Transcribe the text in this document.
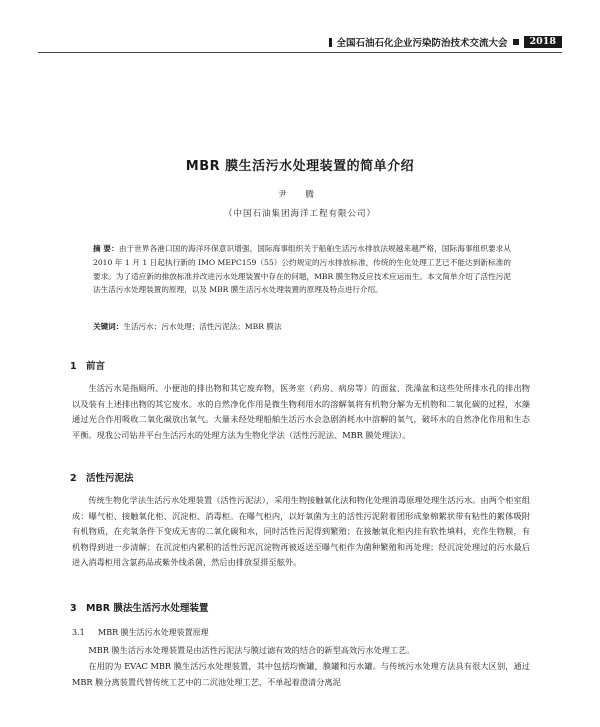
全国石油石化企业污染防治技术交流大会	2018
MBR 膜生活污水处理装置的简单介绍
尹 腾
（中国石油集团海洋工程有限公司）
摘 要：由于世界各港口国的海洋环保意识增强，国际海事组织关于船舶生活污水排放法规越来越严格，国际海事组织要求从 2010 年 1 月 1 日起执行新的 IMO MEPC159（55）公约规定的污水排放标准，传统的生化处理工艺已不能达到新标准的要求。为了适应新的排放标准并改进污水处理装置中存在的问题，MBR 膜生物反应技术应运而生。本文简单介绍了活性污泥法生活污水处理装置的原理，以及 MBR 膜生活污水处理装置的原理及特点进行介绍。
关键词：生活污水；污水处理；活性污泥法；MBR 膜法
1 前言

生活污水是指厕所、小便池的排出物和其它废弃物，医务室（药房、病房等）的面盆、洗澡盆和这些处所排水孔的排出物以及装有上述排出物的其它废水。水的自然净化作用是微生物利用水的溶解氧将有机物分解为无机物和二氧化碳的过程，水藻通过光合作用吸收二氧化碳放出氧气。大量未经处理船舶生活污水会急剧消耗水中溶解的氧气，破坏水的自然净化作用和生态平衡。现我公司钻井平台生活污水的处理方法为生物化学法（活性污泥法、MBR 膜处理法）。

2 活性污泥法

传统生物化学法生活污水处理装置（活性污泥法），采用生物接触氧化法和物化处理消毒原理处理生活污水。由两个柜室组成：曝气柜、接触氧化柜、沉淀柜、消毒柜。在曝气柜内，以好氧菌为主的活性污泥附着团形成象棉絮状带有粘性的絮体吸附有机物质，在充氧条件下变成无害的二氧化碳和水，同时活性污泥得到繁殖；在接触氧化柜内挂有软性填料，充作生物膜，有机物得到进一步清解；在沉淀柜内累积的活性污泥沉淀物再被返送至曝气柜作为菌种繁殖和再处理；经沉淀处理过的污水最后进入消毒柜用含氯药品或紫外线杀菌，然后由排放泵排至舷外。

3 MBR 膜法生活污水处理装置
3.1 MBR 膜生活污水处理装置原理

MBR 膜生活污水处理装置是由活性污泥法与膜过滤有效的结合的新型高效污水处理工艺。

在用的为 EVAC MBR 膜生活污水处理装置，其中包括均衡罐，膜罐和污水罐。与传统污水处理方法具有很大区别，通过 MBR 膜分离装置代替传统工艺中的二沉池处理工艺，不单起着澄清分离泥
